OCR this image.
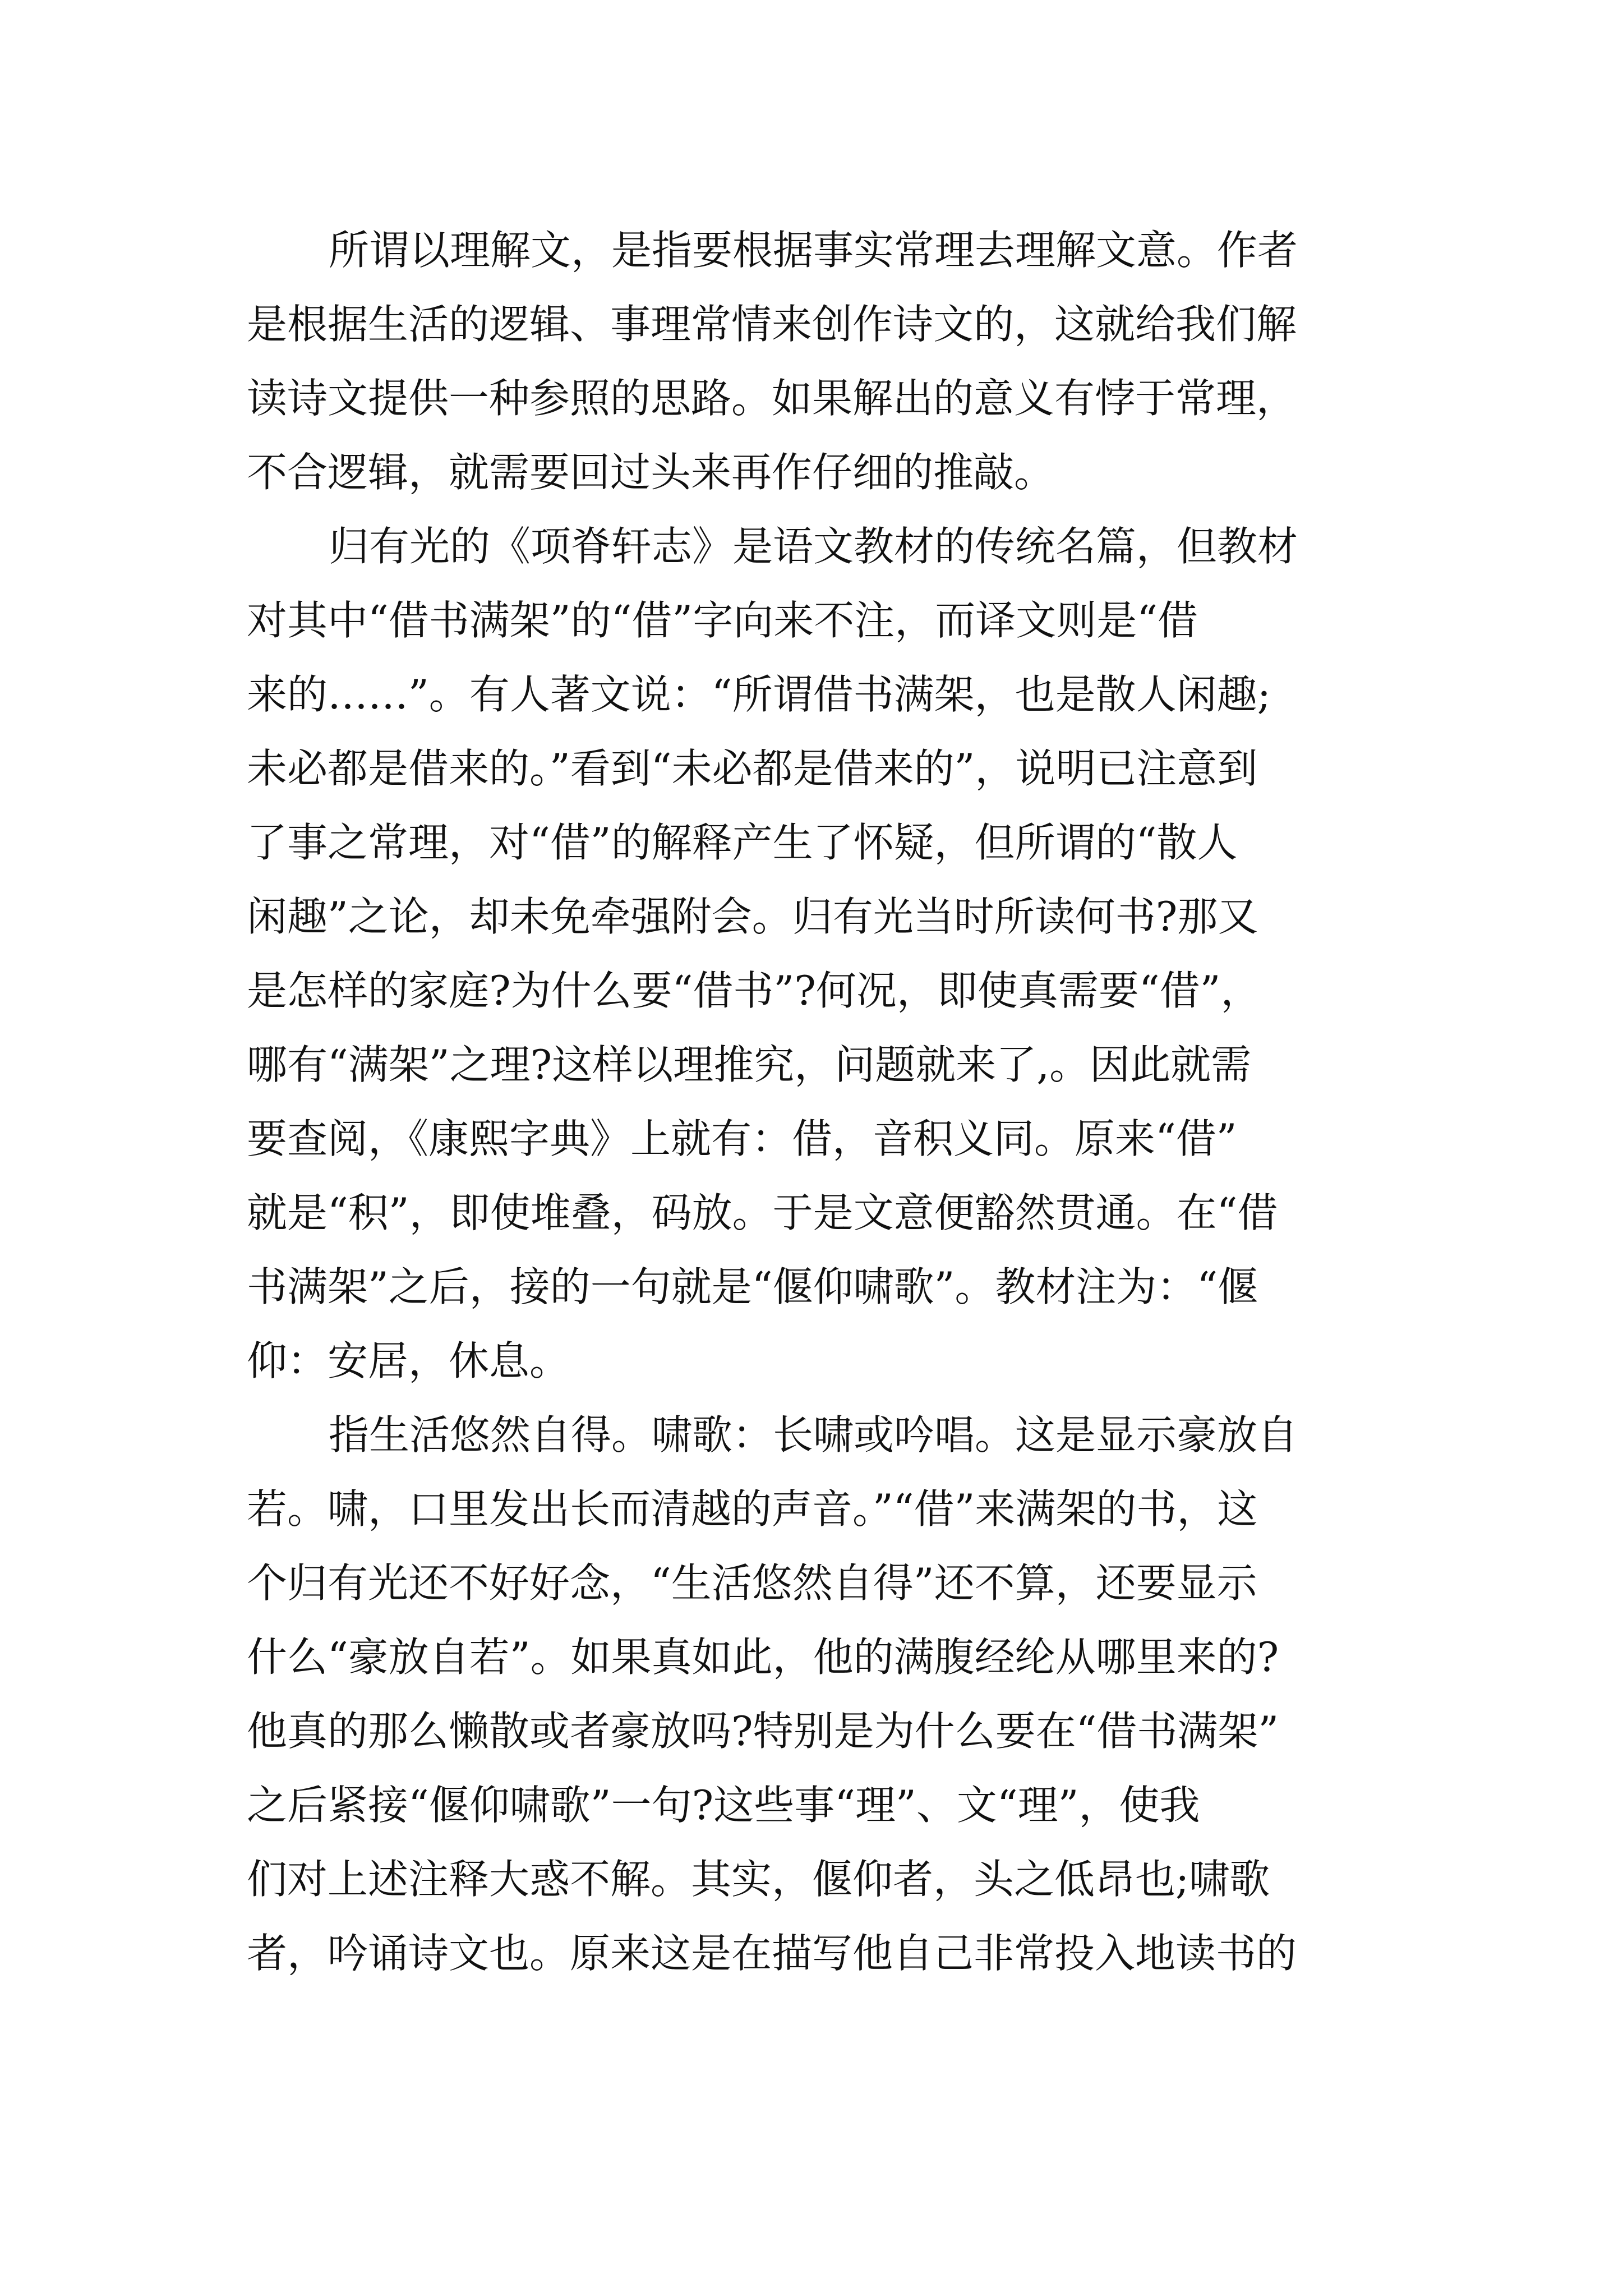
所谓以理解文，是指要根据事实常理去理解文意。作者
是根据生活的逻辑、事理常情来创作诗文的，这就给我们解
读诗文提供一种参照的思路。如果解出的意义有悖于常理，
不合逻辑，就需要回过头来再作仔细的推敲。
归有光的《项脊轩志》是语文教材的传统名篇，但教材
对其中“借书满架”的“借”字向来不注，而译文则是“借
来的……”。有人著文说：“所谓借书满架，也是散人闲趣;
未必都是借来的。”看到“未必都是借来的”，说明已注意到
了事之常理，对“借”的解释产生了怀疑，但所谓的“散人
闲趣”之论，却未免牵强附会。归有光当时所读何书?那又
是怎样的家庭?为什么要“借书”?何况，即使真需要“借”，
哪有“满架”之理?这样以理推究，问题就来了,。因此就需
要查阅，《康熙字典》上就有：借，音积义同。原来“借”
就是“积”，即使堆叠，码放。于是文意便豁然贯通。在“借
书满架”之后，接的一句就是“偃仰啸歌”。教材注为：“偃
仰：安居，休息。
指生活悠然自得。啸歌：长啸或吟唱。这是显示豪放自
若。啸，口里发出长而清越的声音。”“借”来满架的书，这
个归有光还不好好念，“生活悠然自得”还不算，还要显示
什么“豪放自若”。如果真如此，他的满腹经纶从哪里来的?
他真的那么懒散或者豪放吗?特别是为什么要在“借书满架”
之后紧接“偃仰啸歌”一句?这些事“理”、文“理”，使我
们对上述注释大惑不解。其实，偃仰者，头之低昂也;啸歌
者，吟诵诗文也。原来这是在描写他自己非常投入地读书的
